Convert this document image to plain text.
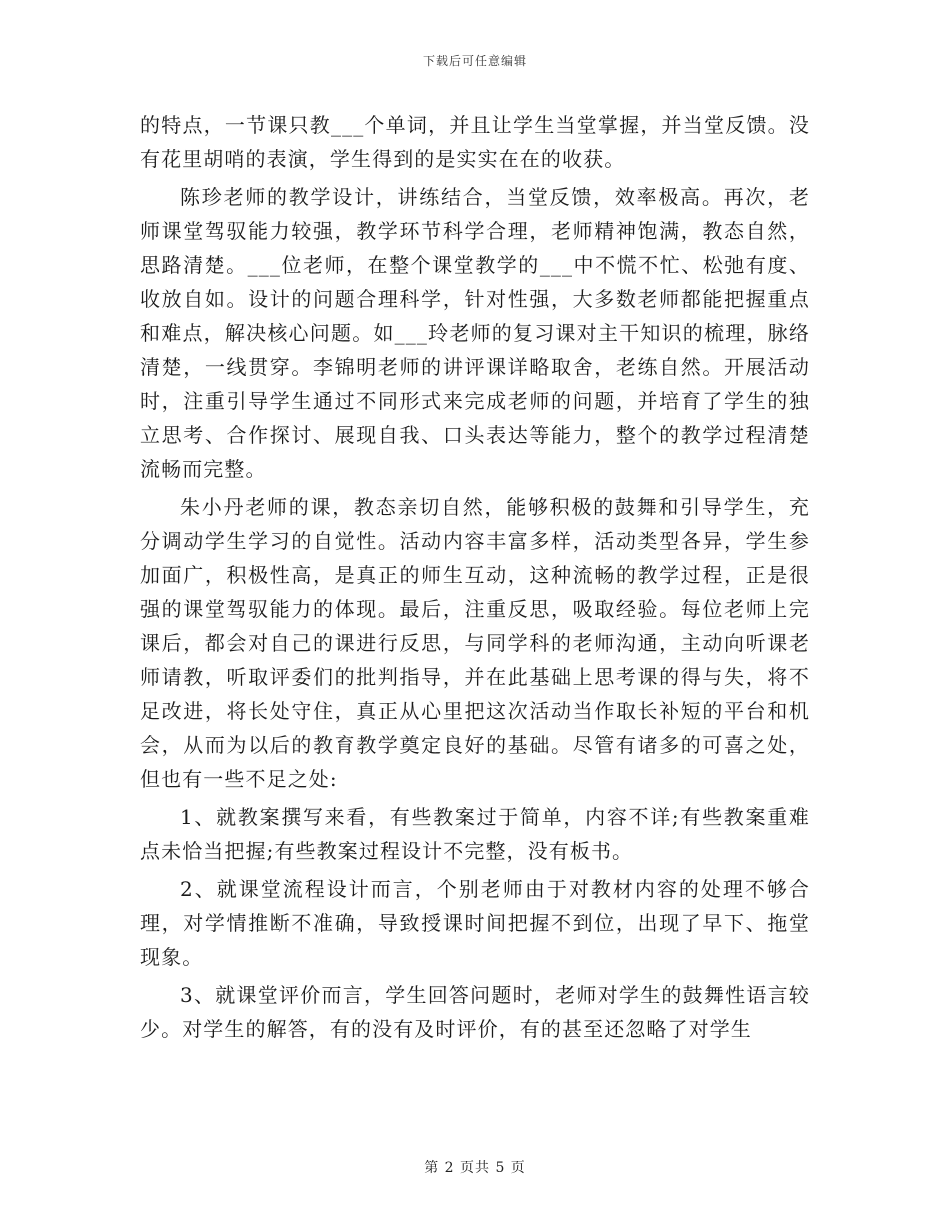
下载后可任意编辑

的特点，一节课只教___个单词，并且让学生当堂掌握，并当堂反馈。没有花里胡哨的表演，学生得到的是实实在在的收获。

陈珍老师的教学设计，讲练结合，当堂反馈，效率极高。再次，老师课堂驾驭能力较强，教学环节科学合理，老师精神饱满，教态自然，思路清楚。___位老师，在整个课堂教学的___中不慌不忙、松弛有度、收放自如。设计的问题合理科学，针对性强，大多数老师都能把握重点和难点，解决核心问题。如___玲老师的复习课对主干知识的梳理，脉络清楚，一线贯穿。李锦明老师的讲评课详略取舍，老练自然。开展活动时，注重引导学生通过不同形式来完成老师的问题，并培育了学生的独立思考、合作探讨、展现自我、口头表达等能力，整个的教学过程清楚流畅而完整。

朱小丹老师的课，教态亲切自然，能够积极的鼓舞和引导学生，充分调动学生学习的自觉性。活动内容丰富多样，活动类型各异，学生参加面广，积极性高，是真正的师生互动，这种流畅的教学过程，正是很强的课堂驾驭能力的体现。最后，注重反思，吸取经验。每位老师上完课后，都会对自己的课进行反思，与同学科的老师沟通，主动向听课老师请教，听取评委们的批判指导，并在此基础上思考课的得与失，将不足改进，将长处守住，真正从心里把这次活动当作取长补短的平台和机会，从而为以后的教育教学奠定良好的基础。尽管有诸多的可喜之处，但也有一些不足之处:

1、就教案撰写来看，有些教案过于简单，内容不详;有些教案重难点未恰当把握;有些教案过程设计不完整，没有板书。

2、就课堂流程设计而言，个别老师由于对教材内容的处理不够合理，对学情推断不准确，导致授课时间把握不到位，出现了早下、拖堂现象。

3、就课堂评价而言，学生回答问题时，老师对学生的鼓舞性语言较少。对学生的解答，有的没有及时评价，有的甚至还忽略了对学生

第 2 页共 5 页
